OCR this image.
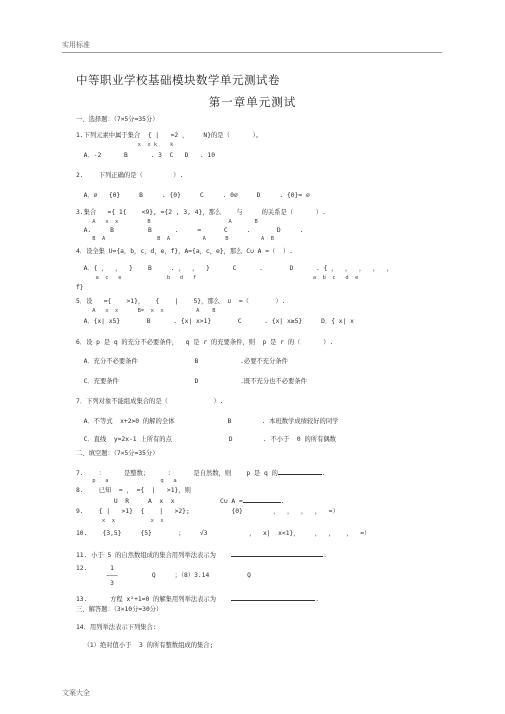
实用标准
中等职业学校基础模块数学单元测试卷
第一章单元测试
一、选择题：（7×5分=35分）
1.下列元素中属于集合  { ∣   =2 ，    N}的是（      ）。
x  x k    k
A．-2      B      . 3  C   D   . 10
2.    下列正确的是（        ）.
A．∅   {0}     B     . {0}     C     . 0∅     D     . {0}= ∅
3.集合   ={ 1{    <9}, ={2 , 3, 4}，那么    与     的关系是（      ）.
A   x  x         B                        A       B
A.     B         B      .     =      C     .       D     .
B  A                B  A          A      B          A  B
4．设全集 U={a，b，c，d，e，f}，A={a，c，e}，那么 C∪ A =（  ）.
A．{ ，  ，  }    B     . ，  ，  }      C      .       D      . { ，  ，  ，  ，  ，
a  c   e              b   d   f                                    a  b  c   d  e
f}
5．设   ={    >1}，   {    ∣    5}，那么  ∪  =（       ）.
A   x  x      B=  x  x          A    B
A．{x∣ x5}       B      . {x∣ x>1}       C      . {x∣ x≥5}     D．{ x∣ x
6．设 p 是 q 的充分不必要条件，  q 是 r 的充要条件，则  p 是 r 的（      ）.
A．充分不必要条件               B           .必要不充分条件
C．充要条件                    D           .既不充分也不必要条件
7．下列对象不能组成集合的是（            ）.
A．不等式  x+2>0 的解的全体              B        . 本班数学成绩较好的同学
C．直线  y=2x-1 上所有的点               D        . 不小于  0 的所有偶数
二、填空题：（7×5分=35分）
7.    ：     是整数；     ：     是自然数，则    p 是 q 的	.
p   a                q   a
8.    已知  = ， ={  ∣   >1}，则
U  R     A  x  x            C∪ A =	.
9.    { ∣   >1}  {    ∣   >2};           {0}        ，  ，  ，  ，  =）
x  x           x  x
10.    {3,5}     {5}       ；    √3           ，  x∣  x<1}，    ，  ，   ，  =）
11. 小于 5 的自然数组成的集合用列举法表示为	.
12.      1
———         Q     ；（8）3.14          Q
3
13.      方程 x²+1=0 的解集用列举法表示为	.
三、解答题：（3×10分=30分）
14．用列举法表示下列集合:
（1）绝对值小于  3 的所有整数组成的集合;
文案大全
